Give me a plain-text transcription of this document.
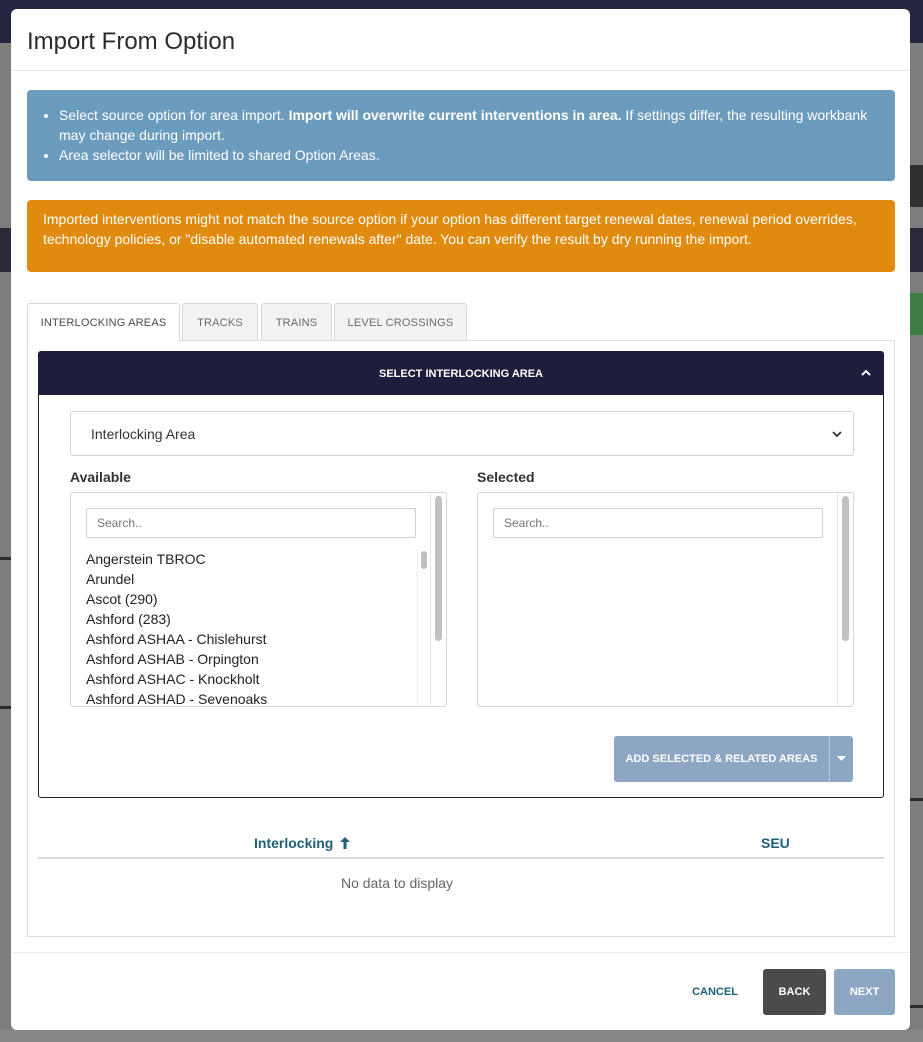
Import From Option
• Select source option for area import. Import will overwrite current interventions in area. If settings differ, the resulting workbank may change during import.
• Area selector will be limited to shared Option Areas.
Imported interventions might not match the source option if your option has different target renewal dates, renewal period overrides, technology policies, or "disable automated renewals after" date. You can verify the result by dry running the import.
INTERLOCKING AREAS	TRACKS	TRAINS	LEVEL CROSSINGS
SELECT INTERLOCKING AREA
Interlocking Area
Available	Selected
Search..
Angerstein TBROC
Arundel
Ascot (290)
Ashford (283)
Ashford ASHAA - Chislehurst
Ashford ASHAB - Orpington
Ashford ASHAC - Knockholt
Ashford ASHAD - Sevenoaks
Search..
ADD SELECTED & RELATED AREAS
Interlocking	SEU
No data to display
CANCEL	BACK	NEXT
